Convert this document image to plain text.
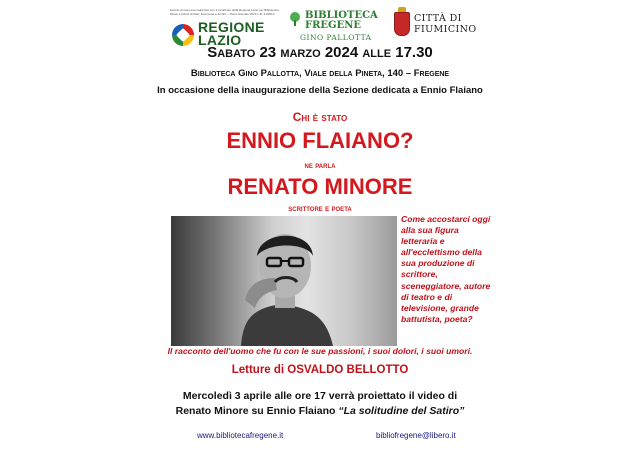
Evento di interesse realizzato con il contributo della Regione Lazio per Biblioteche, Musei e Istituti similari, Ecomusei e Archivi – Piano annuale 2023 L.R. 24/2019
REGIONE
LAZIO
BIBLIOTECA
FREGENE
GINO PALLOTTA
CITTÀ DI
FIUMICINO
Sabato 23 marzo 2024 alle 17.30
Biblioteca Gino Pallotta, Viale della Pineta, 140 – Fregene
In occasione della inaugurazione della Sezione dedicata a Ennio Flaiano
Chi è stato
ENNIO FLAIANO?
ne parla
RENATO MINORE
scrittore e poeta
Come accostarci oggi alla sua figura letteraria e all'ecclettismo della sua produzione di scrittore, sceneggiatore, autore di teatro e di televisione, grande battutista, poeta?
Il racconto dell'uomo che fu con le sue passioni, i suoi dolori, i suoi umori.
Letture di OSVALDO BELLOTTO
Mercoledì 3 aprile alle ore 17 verrà proiettato il video di
Renato Minore su Ennio Flaiano “La solitudine del Satiro”
www.bibliotecafregene.it	bibliofregene@libero.it
